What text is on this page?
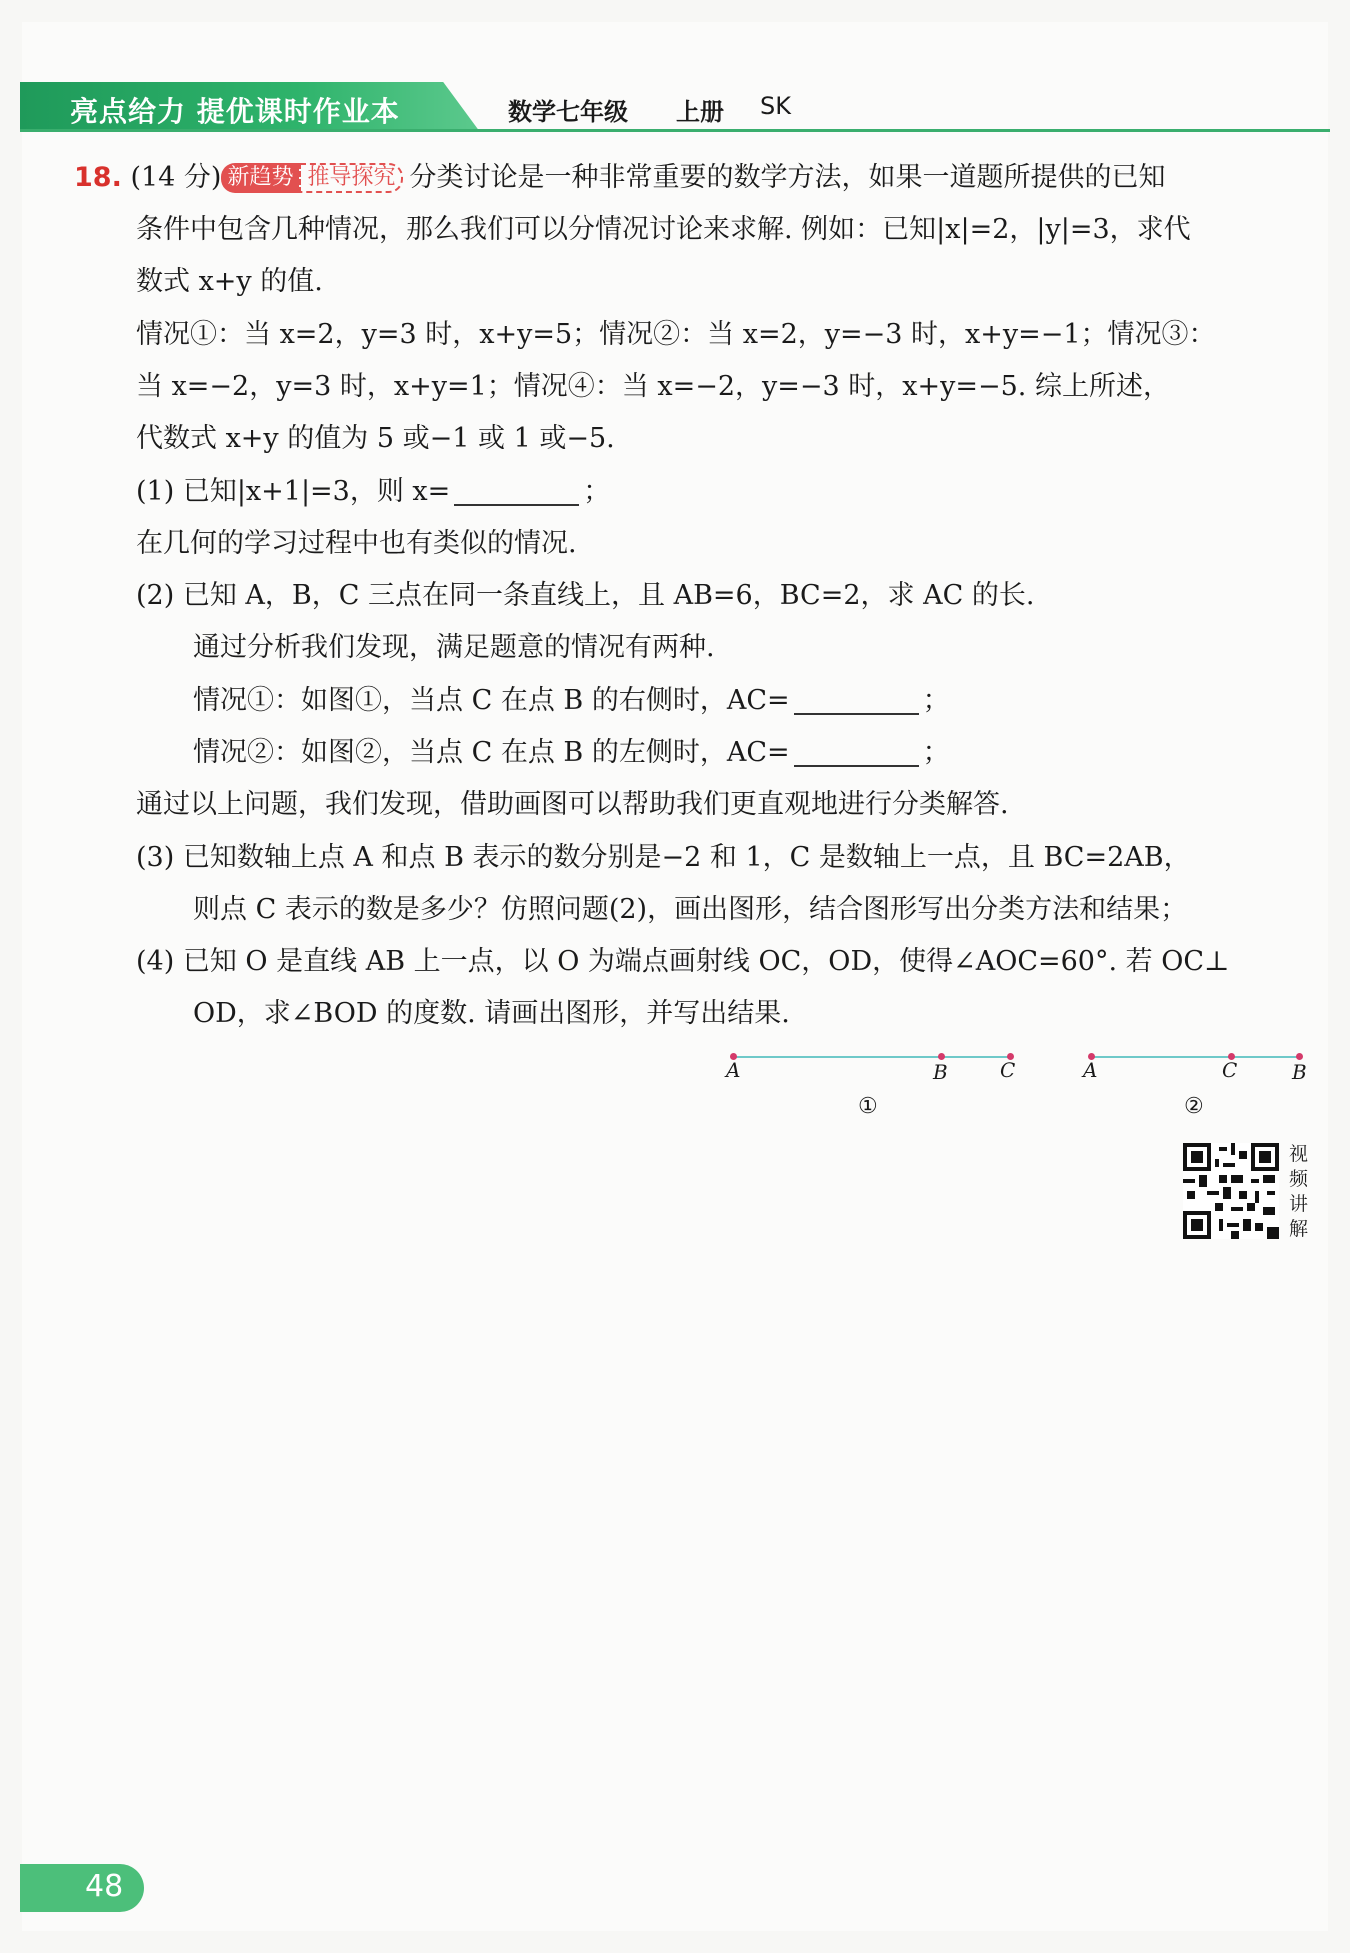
亮点给力 提优课时作业本	数学七年级 上册 SK
18. (14 分) 新趋势 推导探究 分类讨论是一种非常重要的数学方法，如果一道题所提供的已知
条件中包含几种情况，那么我们可以分情况讨论来求解. 例如：已知|x|=2，|y|=3，求代
数式 x+y 的值.
情况①：当 x=2，y=3 时，x+y=5；情况②：当 x=2，y=−3 时，x+y=−1；情况③：
当 x=−2，y=3 时，x+y=1；情况④：当 x=−2，y=−3 时，x+y=−5. 综上所述，
代数式 x+y 的值为 5 或−1 或 1 或−5.
(1) 已知|x+1|=3，则 x=	；
在几何的学习过程中也有类似的情况.
(2) 已知 A，B，C 三点在同一条直线上，且 AB=6，BC=2，求 AC 的长.
通过分析我们发现，满足题意的情况有两种.
情况①：如图①，当点 C 在点 B 的右侧时，AC=	；
情况②：如图②，当点 C 在点 B 的左侧时，AC=	；
通过以上问题，我们发现，借助画图可以帮助我们更直观地进行分类解答.
(3) 已知数轴上点 A 和点 B 表示的数分别是−2 和 1，C 是数轴上一点，且 BC=2AB，
则点 C 表示的数是多少？仿照问题(2)，画出图形，结合图形写出分类方法和结果；
(4) 已知 O 是直线 AB 上一点，以 O 为端点画射线 OC，OD，使得∠AOC=60°. 若 OC⊥
OD，求∠BOD 的度数. 请画出图形，并写出结果.
A	B	C
①
A	C	B
②
视频讲解
48
